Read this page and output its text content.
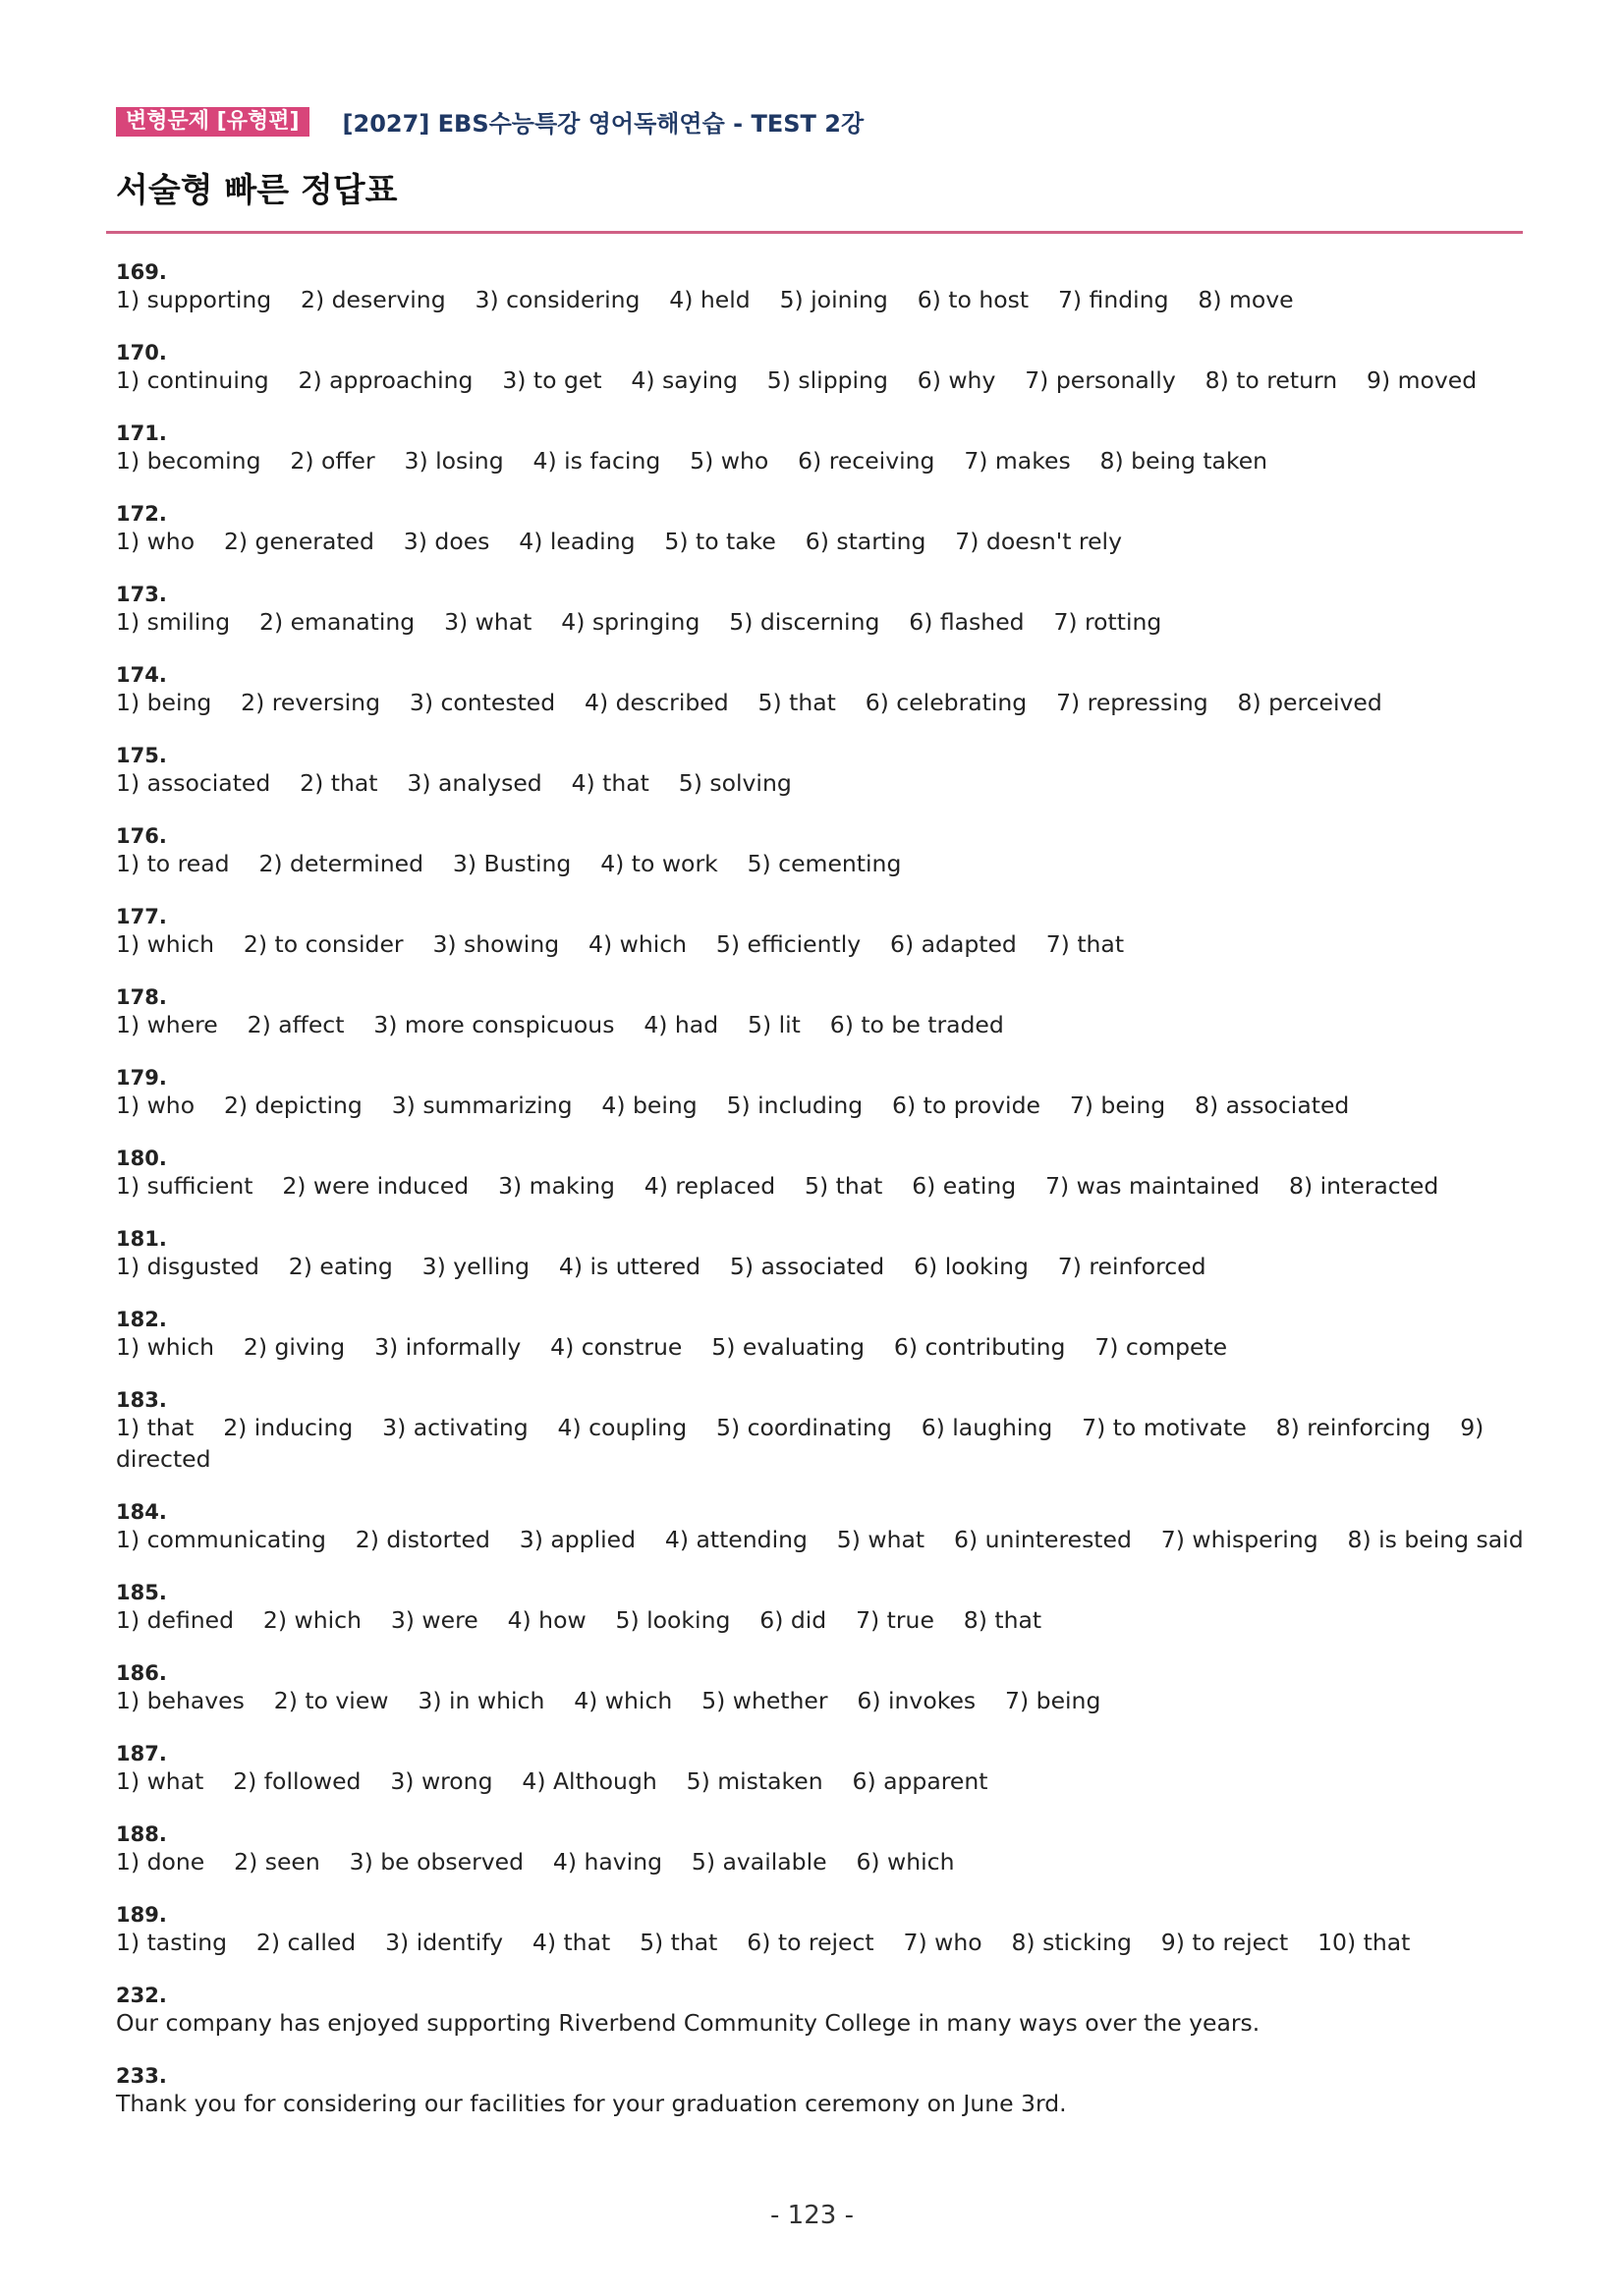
변형문제 [유형편]	[2027] EBS수능특강 영어독해연습 - TEST 2강
서술형 빠른 정답표
169.
1) supporting    2) deserving    3) considering    4) held    5) joining    6) to host    7) finding    8) move
170.
1) continuing    2) approaching    3) to get    4) saying    5) slipping    6) why    7) personally    8) to return    9) moved
171.
1) becoming    2) offer    3) losing    4) is facing    5) who    6) receiving    7) makes    8) being taken
172.
1) who    2) generated    3) does    4) leading    5) to take    6) starting    7) doesn't rely
173.
1) smiling    2) emanating    3) what    4) springing    5) discerning    6) flashed    7) rotting
174.
1) being    2) reversing    3) contested    4) described    5) that    6) celebrating    7) repressing    8) perceived
175.
1) associated    2) that    3) analysed    4) that    5) solving
176.
1) to read    2) determined    3) Busting    4) to work    5) cementing
177.
1) which    2) to consider    3) showing    4) which    5) efficiently    6) adapted    7) that
178.
1) where    2) affect    3) more conspicuous    4) had    5) lit    6) to be traded
179.
1) who    2) depicting    3) summarizing    4) being    5) including    6) to provide    7) being    8) associated
180.
1) sufficient    2) were induced    3) making    4) replaced    5) that    6) eating    7) was maintained    8) interacted
181.
1) disgusted    2) eating    3) yelling    4) is uttered    5) associated    6) looking    7) reinforced
182.
1) which    2) giving    3) informally    4) construe    5) evaluating    6) contributing    7) compete
183.
1) that    2) inducing    3) activating    4) coupling    5) coordinating    6) laughing    7) to motivate    8) reinforcing    9)
directed
184.
1) communicating    2) distorted    3) applied    4) attending    5) what    6) uninterested    7) whispering    8) is being said
185.
1) defined    2) which    3) were    4) how    5) looking    6) did    7) true    8) that
186.
1) behaves    2) to view    3) in which    4) which    5) whether    6) invokes    7) being
187.
1) what    2) followed    3) wrong    4) Although    5) mistaken    6) apparent
188.
1) done    2) seen    3) be observed    4) having    5) available    6) which
189.
1) tasting    2) called    3) identify    4) that    5) that    6) to reject    7) who    8) sticking    9) to reject    10) that
232.
Our company has enjoyed supporting Riverbend Community College in many ways over the years.
233.
Thank you for considering our facilities for your graduation ceremony on June 3rd.
- 123 -
